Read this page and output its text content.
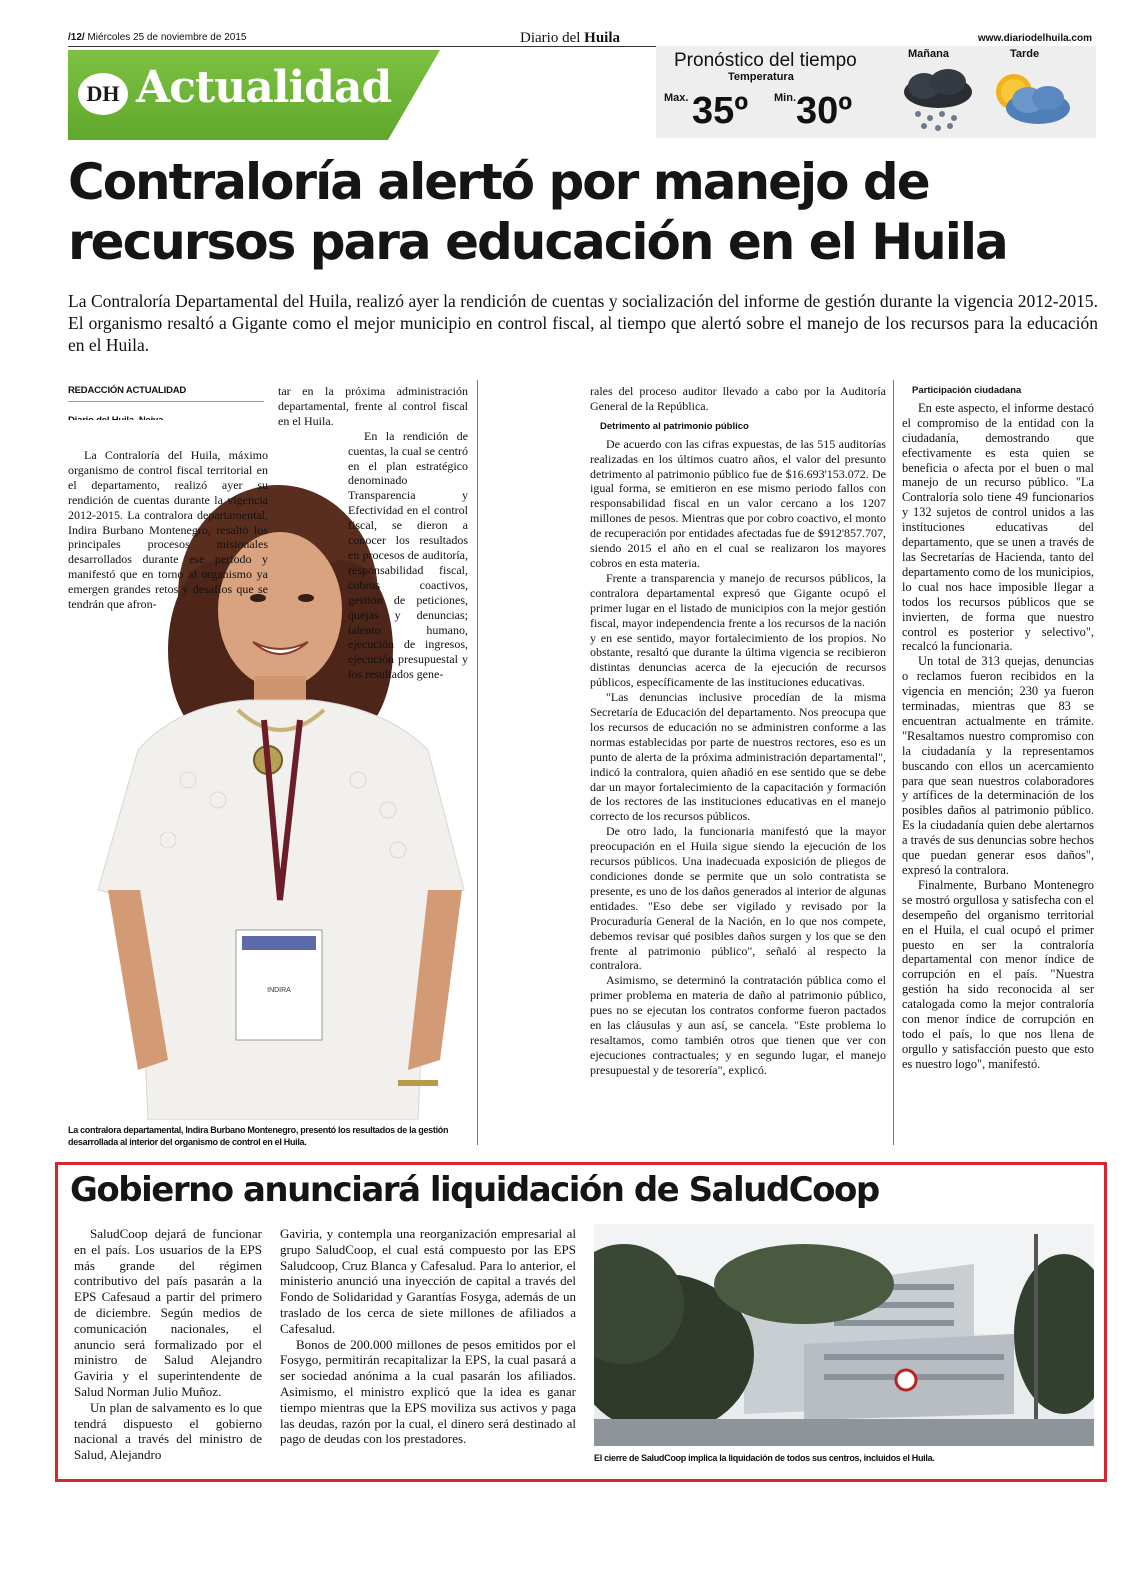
/12/ Miércoles 25 de noviembre de 2015	Diario del Huila	www.diariodelhuila.com
DH Actualidad
Pronóstico del tiempo
Temperatura
Max. 35º Min. 30º
Mañana	Tarde
Contraloría alertó por manejo de
recursos para educación en el Huila
La Contraloría Departamental del Huila, realizó ayer la rendición de cuentas y socialización del informe de gestión durante la vigencia 2012-2015. El organismo resaltó a Gigante como el mejor municipio en control fiscal, al tiempo que alertó sobre el manejo de los recursos para la educación en el Huila.
REDACCIÓN ACTUALIDAD
INDIRA

La Contraloría del Huila, máximo organismo de control fiscal territorial en el departamento, realizó ayer su rendición de cuentas durante la vigencia 2012-2015. La contralora departamental, Indira Burbano Montenegro, resaltó los principales procesos misionales desarrollados durante ese periodo y manifestó que en torno al organismo ya emergen grandes retos y desafíos que se tendrán que afron-

tar en la próxima administración departamental, frente al control fiscal en el Huila.

En la rendición de cuentas, la cual se centró en el plan estratégico denominado Transparencia y Efectividad en el control fiscal, se dieron a conocer los resultados en procesos de auditoría, responsabilidad fiscal, cobros coactivos, gestión de peticiones, quejas y denuncias; talento humano, ejecución de ingresos, ejecución presupuestal y los resultados gene-

La contralora departamental, Indira Burbano Montenegro, presentó los resultados de la gestión desarrollada al interior del organismo de control en el Huila.

rales del proceso auditor llevado a cabo por la Auditoría General de la República.

Detrimento al patrimonio público

De acuerdo con las cifras expuestas, de las 515 auditorías realizadas en los últimos cuatro años, el valor del presunto detrimento al patrimonio público fue de $16.693'153.072. De igual forma, se emitieron en ese mismo periodo fallos con responsabilidad fiscal en un valor cercano a los 1207 millones de pesos. Mientras que por cobro coactivo, el monto de recuperación por entidades afectadas fue de $912'857.707, siendo 2015 el año en el cual se realizaron los mayores cobros en esta materia.

Frente a transparencia y manejo de recursos públicos, la contralora departamental expresó que Gigante ocupó el primer lugar en el listado de municipios con la mejor gestión fiscal, mayor independencia frente a los recursos de la nación y en ese sentido, mayor fortalecimiento de los propios. No obstante, resaltó que durante la última vigencia se recibieron distintas denuncias acerca de la ejecución de recursos públicos, específicamente de las instituciones educativas.

"Las denuncias inclusive procedían de la misma Secretaría de Educación del departamento. Nos preocupa que los recursos de educación no se administren conforme a las normas establecidas por parte de nuestros rectores, eso es un punto de alerta de la próxima administración departamental", indicó la contralora, quien añadió en ese sentido que se debe dar un mayor fortalecimiento de la capacitación y formación de los rectores de las instituciones educativas en el manejo correcto de los recursos públicos.

De otro lado, la funcionaria manifestó que la mayor preocupación en el Huila sigue siendo la ejecución de los recursos públicos. Una inadecuada exposición de pliegos de condiciones donde se permite que un solo contratista se presente, es uno de los daños generados al interior de algunas entidades. "Eso debe ser vigilado y revisado por la Procuraduría General de la Nación, en lo que nos compete, debemos revisar qué posibles daños surgen y los que se den frente al patrimonio público", señaló al respecto la contralora.

Asimismo, se determinó la contratación pública como el primer problema en materia de daño al patrimonio público, pues no se ejecutan los contratos conforme fueron pactados en las cláusulas y aun así, se cancela. "Este problema lo resaltamos, como también otros que tienen que ver con ejecuciones contractuales; y en segundo lugar, el manejo presupuestal y de tesorería", explicó.

Participación ciudadana

En este aspecto, el informe destacó el compromiso de la entidad con la ciudadanía, demostrando que efectivamente es esta quien se beneficia o afecta por el buen o mal manejo de un recurso público. "La Contraloría solo tiene 49 funcionarios y 132 sujetos de control unidos a las instituciones educativas del departamento, que se unen a través de las Secretarías de Hacienda, tanto del departamento como de los municipios, lo cual nos hace imposible llegar a todos los recursos públicos que se invierten, de forma que nuestro control es posterior y selectivo", recalcó la funcionaria.

Un total de 313 quejas, denuncias o reclamos fueron recibidos en la vigencia en mención; 230 ya fueron terminadas, mientras que 83 se encuentran actualmente en trámite. "Resaltamos nuestro compromiso con la ciudadanía y la representamos buscando con ellos un acercamiento para que sean nuestros colaboradores y artífices de la determinación de los posibles daños al patrimonio público. Es la ciudadanía quien debe alertarnos a través de sus denuncias sobre hechos que puedan generar esos daños", expresó la contralora.

Finalmente, Burbano Montenegro se mostró orgullosa y satisfecha con el desempeño del organismo territorial en el Huila, el cual ocupó el primer puesto en ser la contraloría departamental con menor índice de corrupción en el país. "Nuestra gestión ha sido reconocida al ser catalogada como la mejor contraloría con menor índice de corrupción en todo el país, lo que nos llena de orgullo y satisfacción puesto que esto es nuestro logo", manifestó.

Gobierno anunciará liquidación de SaludCoop

SaludCoop dejará de funcionar en el país. Los usuarios de la EPS más grande del régimen contributivo del país pasarán a la EPS Cafesaud a partir del primero de diciembre. Según medios de comunicación nacionales, el anuncio será formalizado por el ministro de Salud Alejandro Gaviria y el superintendente de Salud Norman Julio Muñoz.

Un plan de salvamento es lo que tendrá dispuesto el gobierno nacional a través del ministro de Salud, Alejandro

Gaviria, y contempla una reorganización empresarial al grupo SaludCoop, el cual está compuesto por las EPS Saludcoop, Cruz Blanca y Cafesalud. Para lo anterior, el ministerio anunció una inyección de capital a través del Fondo de Solidaridad y Garantías Fosyga, además de un traslado de los cerca de siete millones de afiliados a Cafesalud.

Bonos de 200.000 millones de pesos emitidos por el Fosygo, permitirán recapitalizar la EPS, la cual pasará a ser sociedad anónima a la cual pasarán los afiliados. Asimismo, el ministro explicó que la idea es ganar tiempo mientras que la EPS moviliza sus activos y paga las deudas, razón por la cual, el dinero será destinado al pago de deudas con los prestadores.

El cierre de SaludCoop implica la liquidación de todos sus centros, incluidos el Huila.
